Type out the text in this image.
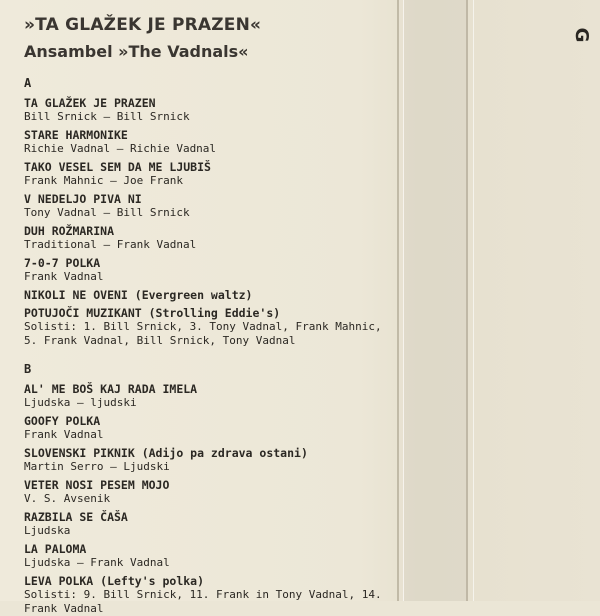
G
»TA GLAŽEK JE PRAZEN«
Ansambel »The Vadnals«
A
TA GLAŽEK JE PRAZEN
Bill Srnick — Bill Srnick
STARE HARMONIKE
Richie Vadnal — Richie Vadnal
TAKO VESEL SEM DA ME LJUBIŠ
Frank Mahnic — Joe Frank
V NEDELJO PIVA NI
Tony Vadnal — Bill Srnick
DUH ROŽMARINA
Traditional — Frank Vadnal
7-0-7 POLKA
Frank Vadnal
NIKOLI NE OVENI (Evergreen waltz)
POTUJOČI MUZIKANT (Strolling Eddie's)
Solisti: 1. Bill Srnick, 3. Tony Vadnal, Frank Mahnic, 5. Frank Vadnal, Bill Srnick, Tony Vadnal
B
AL' ME BOŠ KAJ RADA IMELA
Ljudska — ljudski
GOOFY POLKA
Frank Vadnal
SLOVENSKI PIKNIK (Adijo pa zdrava ostani)
Martin Serro — Ljudski
VETER NOSI PESEM MOJO
V. S. Avsenik
RAZBILA SE ČAŠA
Ljudska
LA PALOMA
Ljudska — Frank Vadnal
LEVA POLKA (Lefty's polka)
Solisti: 9. Bill Srnick, 11. Frank in Tony Vadnal, 14. Frank Vadnal
